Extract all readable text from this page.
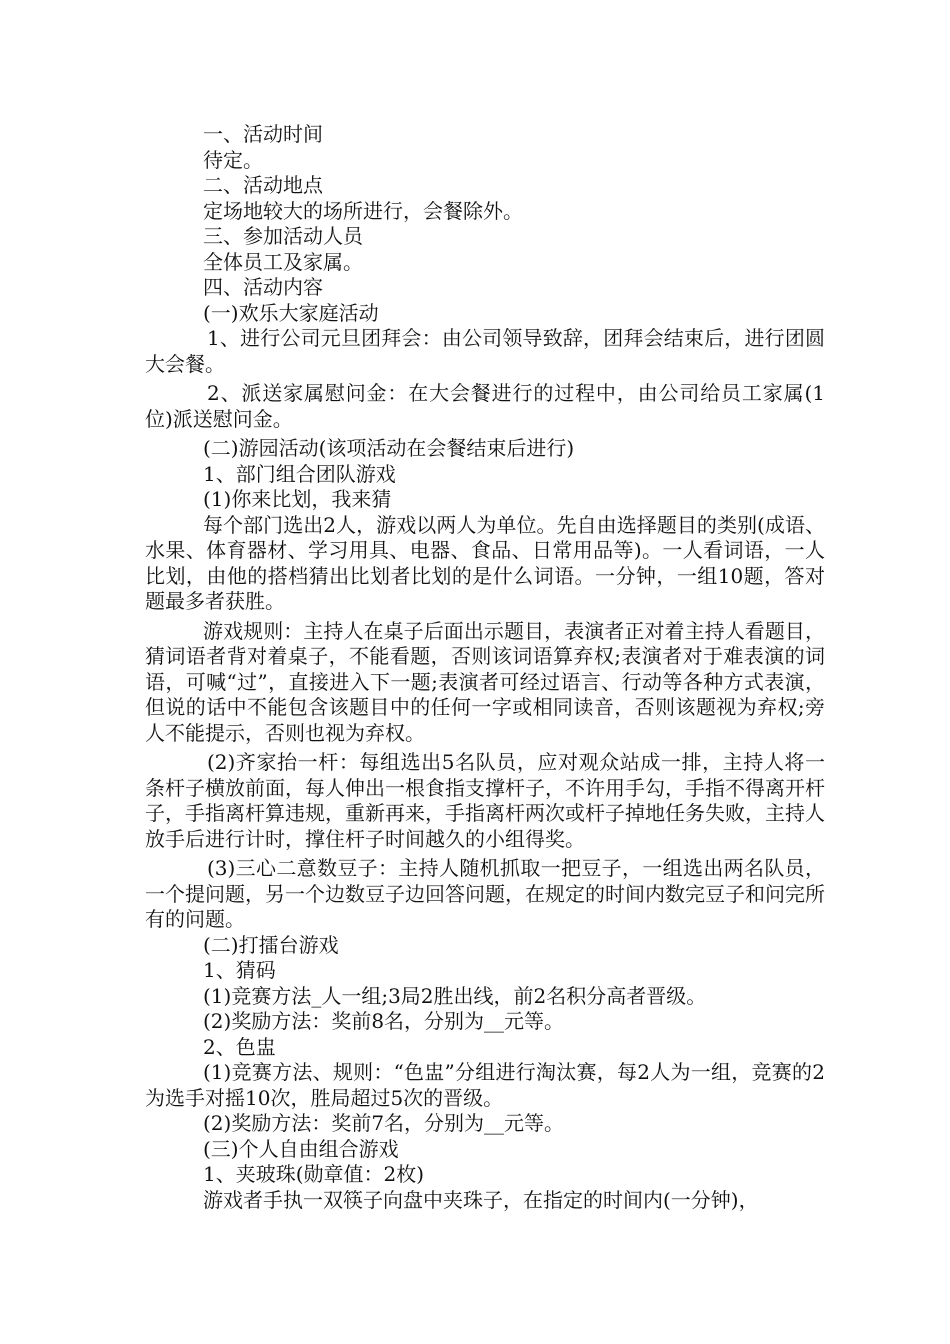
一、活动时间

待定。

二、活动地点

定场地较大的场所进行，会餐除外。

三、参加活动人员

全体员工及家属。

四、活动内容

(一)欢乐大家庭活动

1、进行公司元旦团拜会：由公司领导致辞，团拜会结束后，进行团圆大会餐。

2、派送家属慰问金：在大会餐进行的过程中，由公司给员工家属(1位)派送慰问金。

(二)游园活动(该项活动在会餐结束后进行)

1、部门组合团队游戏

(1)你来比划，我来猜

每个部门选出2人，游戏以两人为单位。先自由选择题目的类别(成语、水果、体育器材、学习用具、电器、食品、日常用品等)。一人看词语，一人比划，由他的搭档猜出比划者比划的是什么词语。一分钟，一组10题，答对题最多者获胜。

游戏规则：主持人在桌子后面出示题目，表演者正对着主持人看题目，猜词语者背对着桌子，不能看题，否则该词语算弃权;表演者对于难表演的词语，可喊“过”，直接进入下一题;表演者可经过语言、行动等各种方式表演，但说的话中不能包含该题目中的任何一字或相同读音，否则该题视为弃权;旁人不能提示，否则也视为弃权。

(2)齐家抬一杆：每组选出5名队员，应对观众站成一排，主持人将一条杆子横放前面，每人伸出一根食指支撑杆子，不许用手勾，手指不得离开杆子，手指离杆算违规，重新再来，手指离杆两次或杆子掉地任务失败，主持人放手后进行计时，撑住杆子时间越久的小组得奖。

(3)三心二意数豆子：主持人随机抓取一把豆子，一组选出两名队员，一个提问题，另一个边数豆子边回答问题，在规定的时间内数完豆子和问完所有的问题。

(二)打擂台游戏

1、猜码

(1)竞赛方法_人一组;3局2胜出线，前2名积分高者晋级。

(2)奖励方法：奖前8名，分别为__元等。

2、色盅

(1)竞赛方法、规则：“色盅”分组进行淘汰赛，每2人为一组，竞赛的2为选手对摇10次，胜局超过5次的晋级。

(2)奖励方法：奖前7名，分别为__元等。

(三)个人自由组合游戏

1、夹玻珠(勋章值：2枚)

游戏者手执一双筷子向盘中夹珠子，在指定的时间内(一分钟)，
